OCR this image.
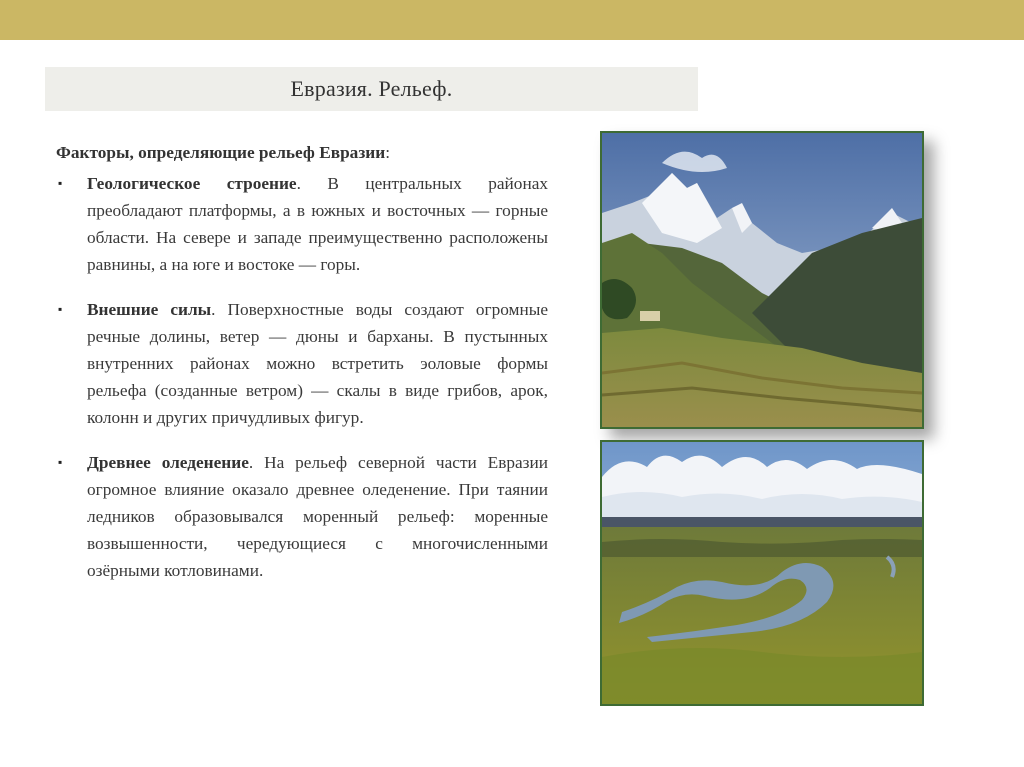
Евразия. Рельеф.

Факторы, определяющие рельеф Евразии:

▪ Геологическое строение. В центральных районах преобладают платформы, а в южных и восточных — горные области. На севере и западе преимущественно расположены равнины, а на юге и востоке — горы.
▪ Внешние силы. Поверхностные воды создают огромные речные долины, ветер — дюны и барханы. В пустынных внутренних районах можно встретить эоловые формы рельефа (созданные ветром) — скалы в виде грибов, арок, колонн и других причудливых фигур.
▪ Древнее оледенение. На рельеф северной части Евразии огромное влияние оказало древнее оледенение. При таянии ледников образовывался моренный рельеф: моренные возвышенности, чередующиеся с многочисленными озёрными котловинами.
